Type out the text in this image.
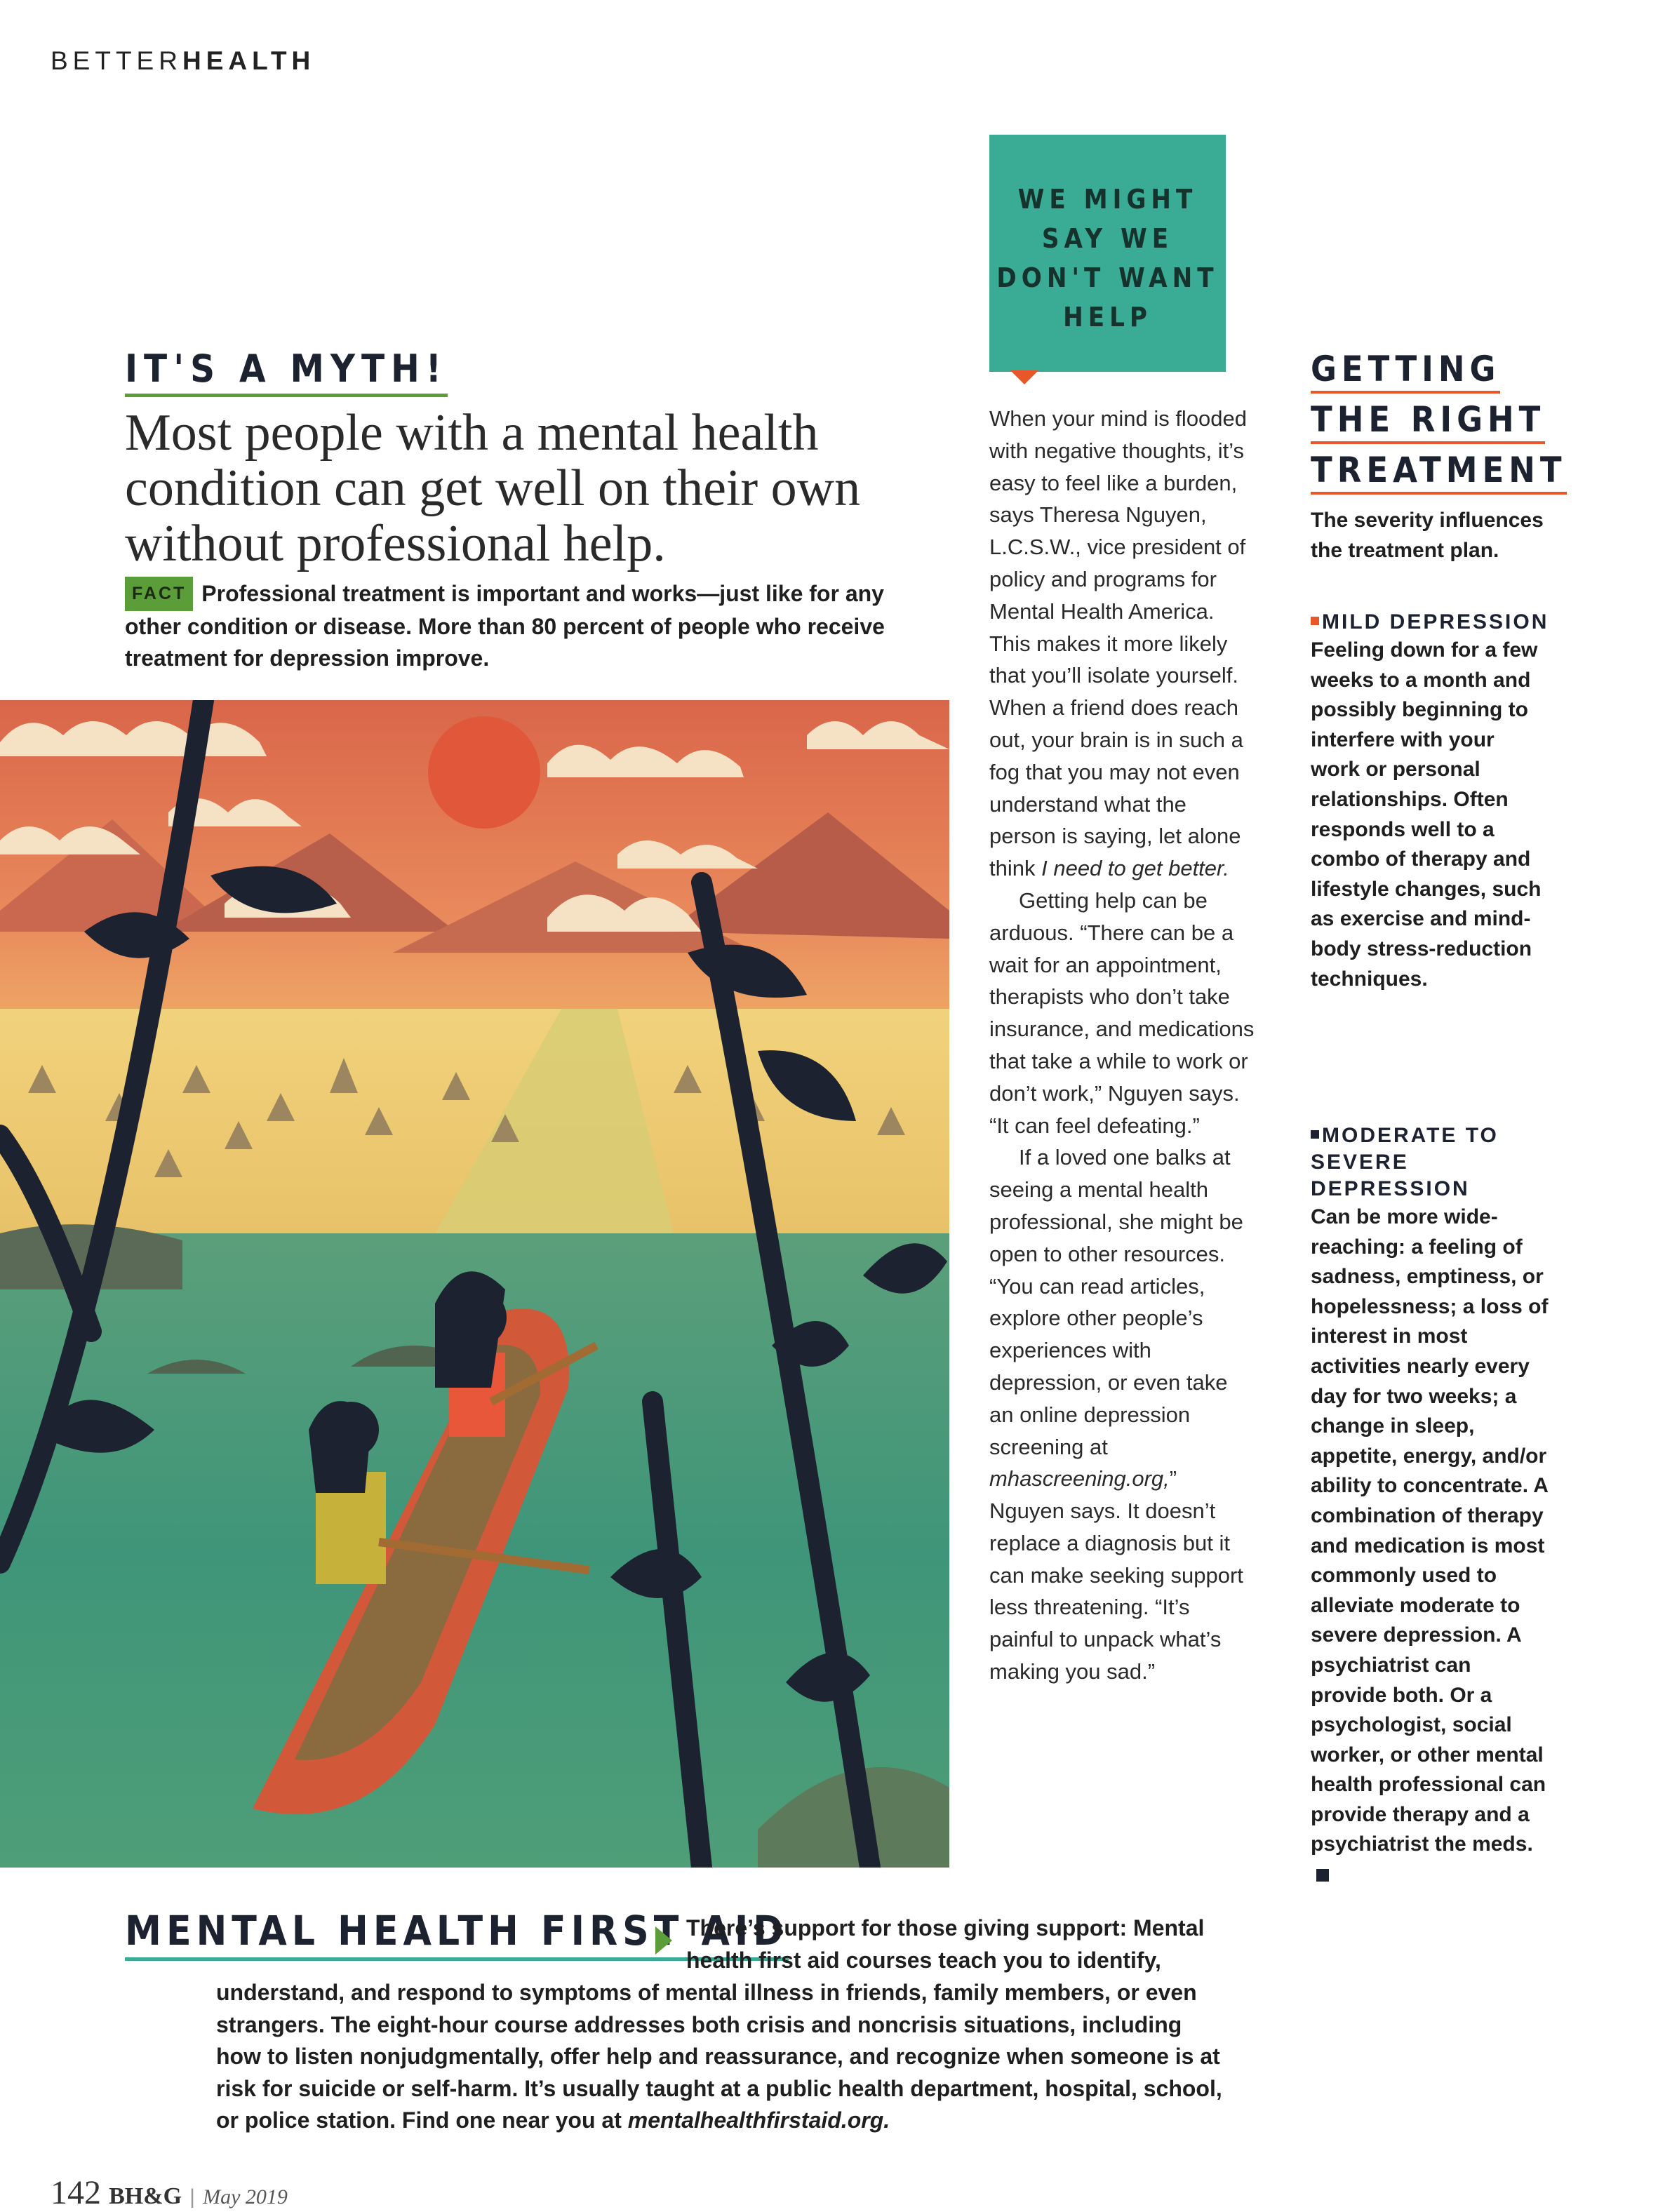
BETTERHEALTH
IT'S A MYTH!
Most people with a mental health condition can get well on their own without professional help.
FACT Professional treatment is important and works—just like for any other condition or disease. More than 80 percent of people who receive treatment for depression improve.
WE MIGHT
SAY WE
DON'T WANT
HELP

When your mind is flooded with negative thoughts, it’s easy to feel like a burden, says Theresa Nguyen, L.C.S.W., vice president of policy and programs for Mental Health America. This makes it more likely that you’ll isolate yourself. When a friend does reach out, your brain is in such a fog that you may not even understand what the person is saying, let alone think I need to get better.

Getting help can be arduous. “There can be a wait for an appointment, therapists who don’t take insurance, and medications that take a while to work or don’t work,” Nguyen says. “It can feel defeating.”

If a loved one balks at seeing a mental health professional, she might be open to other resources. “You can read articles, explore other people’s experiences with depression, or even take an online depression screening at mhascreening.org,” Nguyen says. It doesn’t replace a diagnosis but it can make seeking support less threatening. “It’s painful to unpack what’s making you sad.”

GETTING
THE RIGHT
TREATMENT
The severity influences the treatment plan.
MILD DEPRESSION
Feeling down for a few weeks to a month and possibly beginning to interfere with your work or personal relationships. Often responds well to a combo of therapy and lifestyle changes, such as exercise and mind-body stress-reduction techniques.
MODERATE TO SEVERE DEPRESSION
Can be more wide-reaching: a feeling of sadness, emptiness, or hopelessness; a loss of interest in most activities nearly every day for two weeks; a change in sleep, appetite, energy, and/or ability to concentrate. A combination of therapy and medication is most commonly used to alleviate moderate to severe depression. A psychiatrist can provide both. Or a psychologist, social worker, or other mental health professional can provide therapy and a psychiatrist the meds.
MENTAL HEALTH FIRST AID
There’s support for those giving support: Mental health first aid courses teach you to identify,
understand, and respond to symptoms of mental illness in friends, family members, or even strangers. The eight-hour course addresses both crisis and noncrisis situations, including how to listen nonjudgmentally, offer help and reassurance, and recognize when someone is at risk for suicide or self-harm. It’s usually taught at a public health department, hospital, school, or police station. Find one near you at mentalhealthfirstaid.org.
142 BH&G | May 2019
